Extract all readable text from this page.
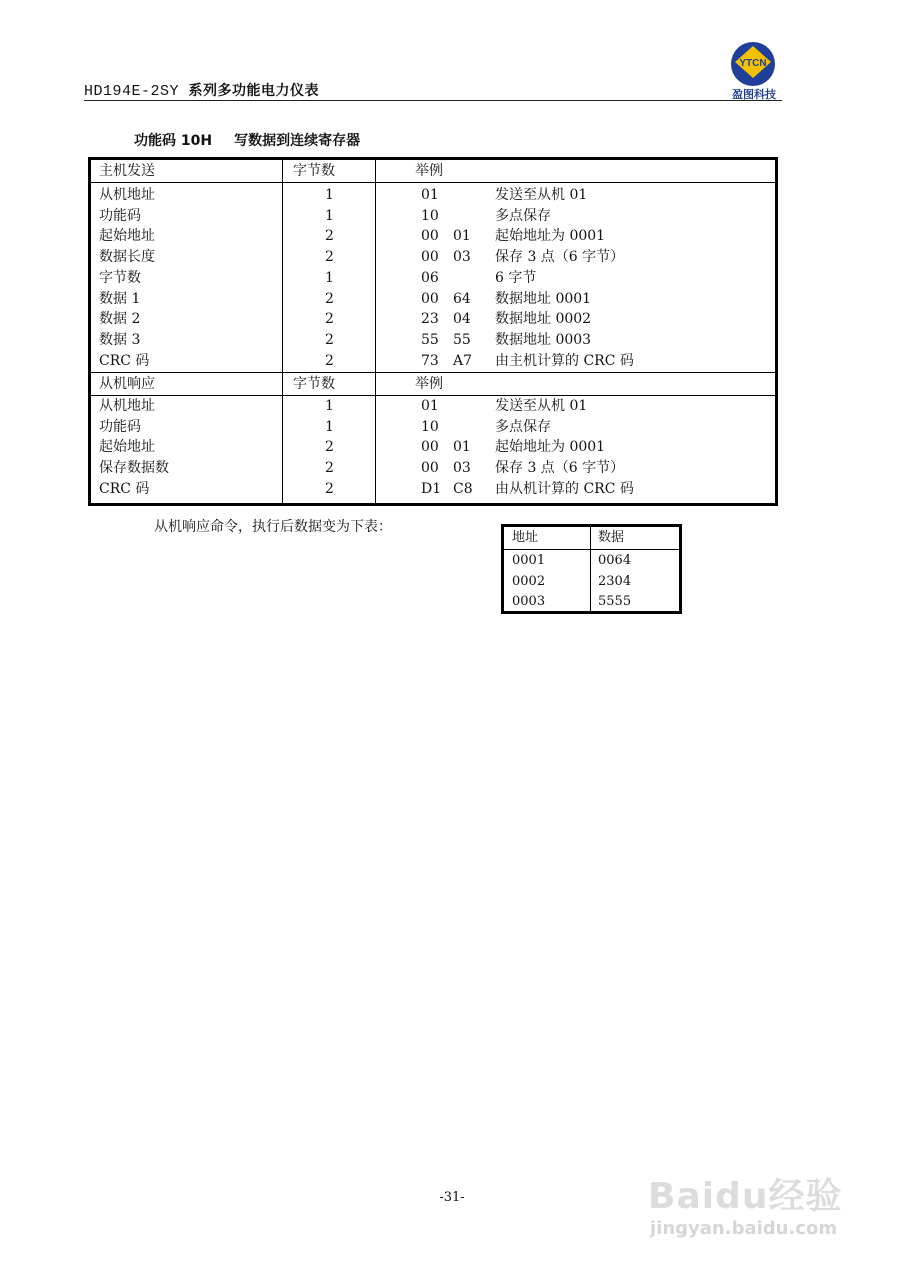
HD194E-2SY 系列多功能电力仪表
YTCN
盈图科技
功能码 10H 写数据到连续寄存器
主机发送	字节数	举例
从机地址	1	01	发送至从机 01
功能码	1	10	多点保存
起始地址	2	00 01 起始地址为 0001
数据长度	2	00 03 保存 3 点（6 字节）
字节数	1	06	6 字节
数据 1	2	00 64 数据地址 0001
数据 2	2	23 04 数据地址 0002
数据 3	2	55 55 数据地址 0003
CRC 码	2	73 A7 由主机计算的 CRC 码
从机响应	字节数	举例
从机地址	1	01	发送至从机 01
功能码	1	10	多点保存
起始地址	2	00 01 起始地址为 0001
保存数据数	2	00 03 保存 3 点（6 字节）
CRC 码	2	D1 C8 由从机计算的 CRC 码
从机响应命令，执行后数据变为下表：
地址	数据
0001	0064
0002	2304
0003	5555
-31-	Baidu经验
jingyan.baidu.com
